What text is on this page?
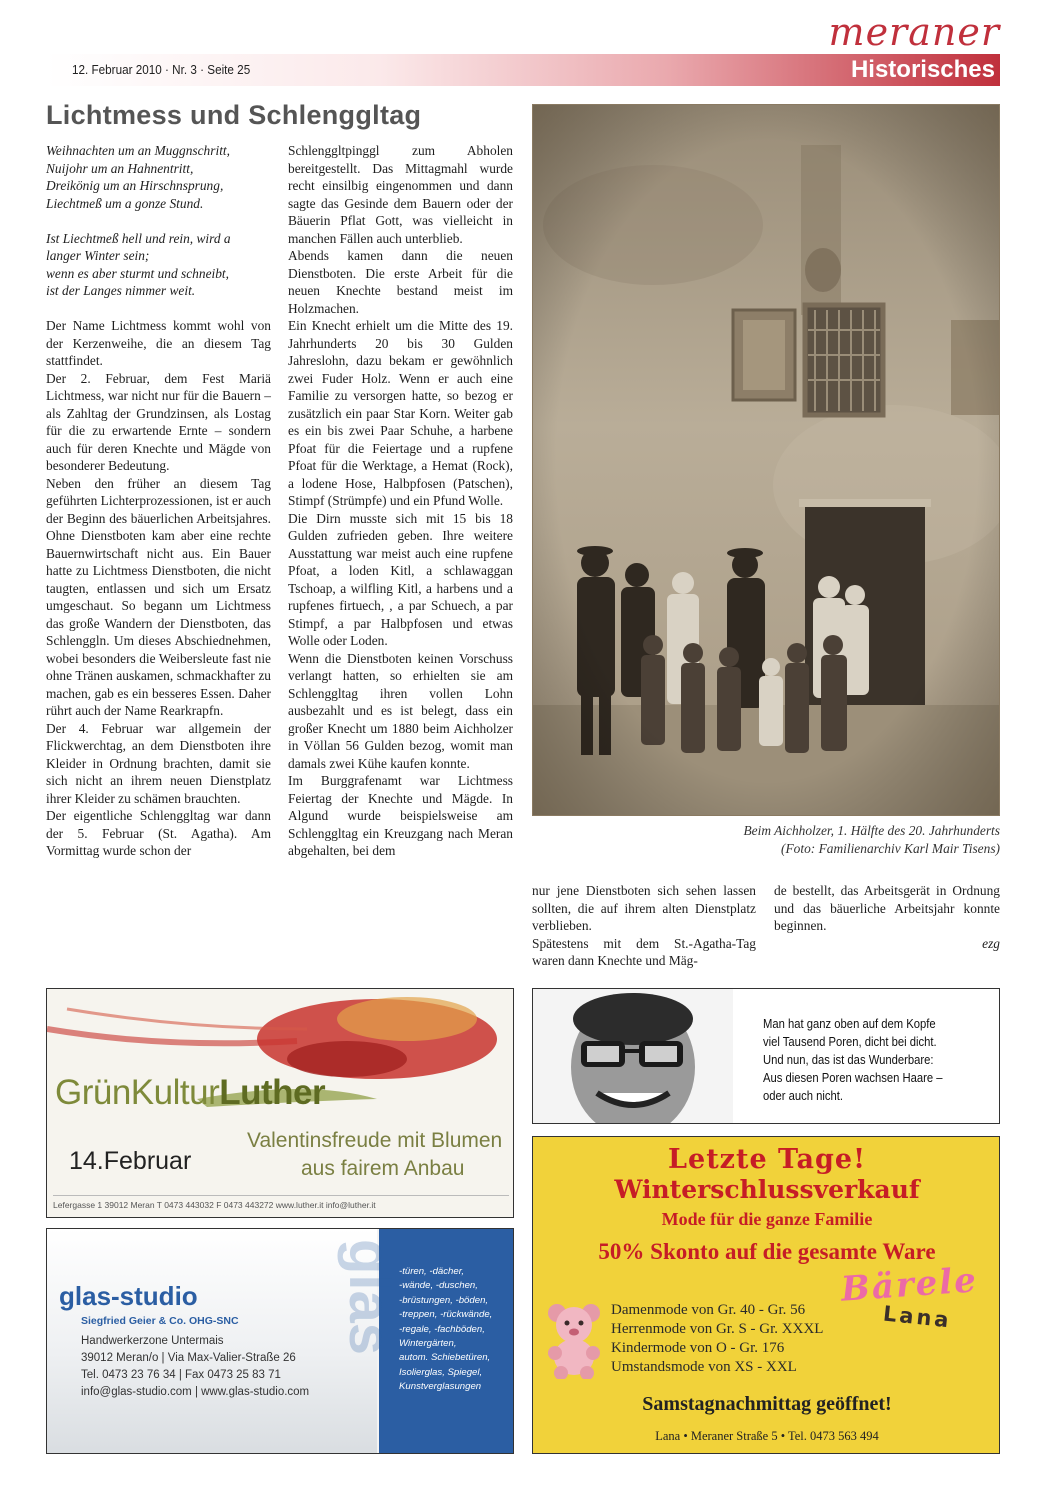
meraner
12. Februar 2010 · Nr. 3 · Seite 25	Historisches
Lichtmess und Schlenggltag
Weihnachten um an Muggnschritt,
Nuijohr um an Hahnentritt,
Dreikönig um an Hirschnsprung,
Liechtmeß um a gonze Stund.
Ist Liechtmeß hell und rein, wird a
langer Winter sein;
wenn es aber sturmt und schneibt,
ist der Langes nimmer weit.

Der Name Lichtmess kommt wohl von der Kerzenweihe, die an diesem Tag stattfindet.

Der 2. Februar, dem Fest Mariä Lichtmess, war nicht nur für die Bauern – als Zahltag der Grundzinsen, als Lostag für die zu erwartende Ernte – sondern auch für deren Knechte und Mägde von besonderer Bedeutung.

Neben den früher an diesem Tag geführten Lichterprozessionen, ist er auch der Beginn des bäuerlichen Arbeitsjahres. Ohne Dienstboten kam aber eine rechte Bauernwirtschaft nicht aus. Ein Bauer hatte zu Lichtmess Dienstboten, die nicht taugten, entlassen und sich um Ersatz umgeschaut. So begann um Lichtmess das große Wandern der Dienstboten, das Schlenggln. Um dieses Abschiednehmen, wobei besonders die Weibersleute fast nie ohne Tränen auskamen, schmackhafter zu machen, gab es ein besseres Essen. Daher rührt auch der Name Rearkrapfn.

Der 4. Februar war allgemein der Flickwerchtag, an dem Dienstboten ihre Kleider in Ordnung brachten, damit sie sich nicht an ihrem neuen Dienstplatz ihrer Kleider zu schämen brauchten.

Der eigentliche Schlenggltag war dann der 5. Februar (St. Agatha). Am Vormittag wurde schon der

Schlenggltpinggl zum Abholen bereitgestellt. Das Mittagmahl wurde recht einsilbig eingenommen und dann sagte das Gesinde dem Bauern oder der Bäuerin Pflat Gott, was vielleicht in manchen Fällen auch unterblieb.

Abends kamen dann die neuen Dienstboten. Die erste Arbeit für die neuen Knechte bestand meist im Holzmachen.

Ein Knecht erhielt um die Mitte des 19. Jahrhunderts 20 bis 30 Gulden Jahreslohn, dazu bekam er gewöhnlich zwei Fuder Holz. Wenn er auch eine Familie zu versorgen hatte, so bezog er zusätzlich ein paar Star Korn. Weiter gab es ein bis zwei Paar Schuhe, a harbene Pfoat für die Feiertage und a rupfene Pfoat für die Werktage, a Hemat (Rock), a lodene Hose, Halbpfosen (Patschen), Stimpf (Strümpfe) und ein Pfund Wolle.

Die Dirn musste sich mit 15 bis 18 Gulden zufrieden geben. Ihre weitere Ausstattung war meist auch eine rupfene Pfoat, a loden Kitl, a schlawaggan Tschoap, a wilfling Kitl, a harbens und a rupfenes firtuech, , a par Schuech, a par Stimpf, a par Halbpfosen und etwas Wolle oder Loden.

Wenn die Dienstboten keinen Vorschuss verlangt hatten, so erhielten sie am Schlenggltag ihren vollen Lohn ausbezahlt und es ist belegt, dass ein großer Knecht um 1880 beim Aichholzer in Völlan 56 Gulden bezog, womit man damals zwei Kühe kaufen konnte.

Im Burggrafenamt war Lichtmess Feiertag der Knechte und Mägde. In Algund wurde beispielsweise am Schlenggltag ein Kreuzgang nach Meran abgehalten, bei dem

Beim Aichholzer, 1. Hälfte des 20. Jahrhunderts
(Foto: Familienarchiv Karl Mair Tisens)

nur jene Dienstboten sich sehen lassen sollten, die auf ihrem alten Dienstplatz verblieben.

Spätestens mit dem St.-Agatha-Tag waren dann Knechte und Mäg-

de bestellt, das Arbeitsgerät in Ordnung und das bäuerliche Arbeitsjahr konnte beginnen.

ezg

GrünKulturLuther
Valentinsfreude mit Blumen
aus fairem Anbau
14.Februar
Lefergasse 1 39012 Meran T 0473 443032 F 0473 443272 www.luther.it info@luther.it
Man hat ganz oben auf dem Kopfe
viel Tausend Poren, dicht bei dicht.
Und nun, das ist das Wunderbare:
Aus diesen Poren wachsen Haare –
oder auch nicht.
glas
glas-studio
Siegfried Geier & Co. OHG-SNC
Handwerkerzone Untermais
39012 Meran/o | Via Max-Valier-Straße 26
Tel. 0473 23 76 34 | Fax 0473 25 83 71
info@glas-studio.com | www.glas-studio.com
-türen, -dächer,
-wände, -duschen,
-brüstungen, -böden,
-treppen, -rückwände,
-regale, -fachböden,
Wintergärten,
autom. Schiebetüren,
Isolierglas, Spiegel,
Kunstverglasungen
Letzte Tage!
Winterschlussverkauf
Mode für die ganze Familie
50% Skonto auf die gesamte Ware
Bärele
Lana
Damenmode von Gr. 40 - Gr. 56
Herrenmode von Gr. S - Gr. XXXL
Kindermode von O - Gr. 176
Umstandsmode von XS - XXL
Samstagnachmittag geöffnet!
Lana • Meraner Straße 5 • Tel. 0473 563 494
